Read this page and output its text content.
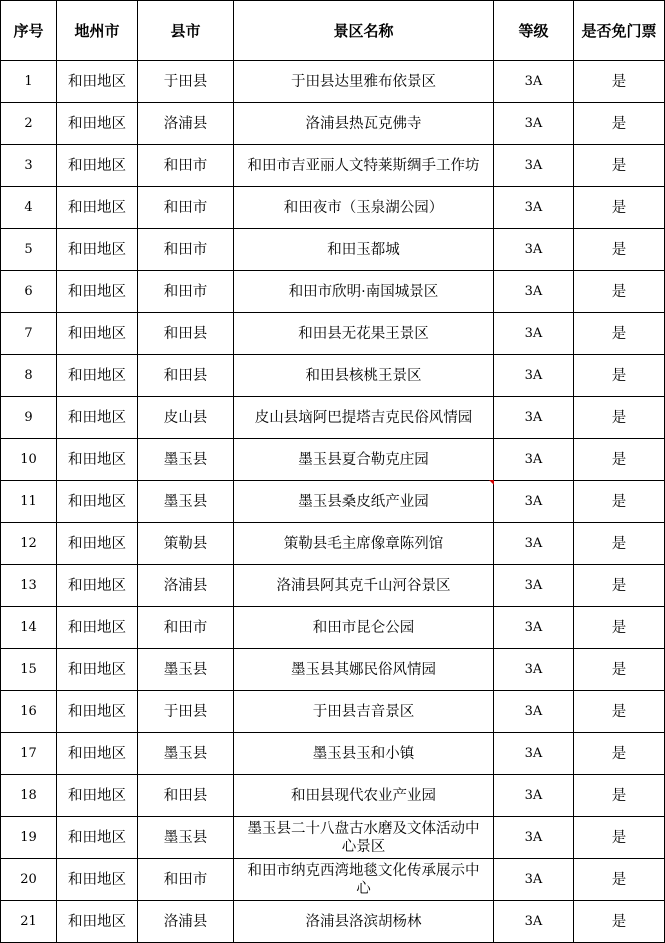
序号	地州市	县市	景区名称	等级	是否免门票
1	和田地区	于田县	于田县达里雅布依景区	3A	是
2	和田地区	洛浦县	洛浦县热瓦克佛寺	3A	是
3	和田地区	和田市	和田市吉亚丽人文特莱斯绸手工作坊	3A	是
4	和田地区	和田市	和田夜市（玉泉湖公园）	3A	是
5	和田地区	和田市	和田玉都城	3A	是
6	和田地区	和田市	和田市欣明·南国城景区	3A	是
7	和田地区	和田县	和田县无花果王景区	3A	是
8	和田地区	和田县	和田县核桃王景区	3A	是
9	和田地区	皮山县	皮山县垴阿巴提塔吉克民俗风情园	3A	是
10	和田地区	墨玉县	墨玉县夏合勒克庄园	3A	是
11	和田地区	墨玉县	墨玉县桑皮纸产业园	3A	是
12	和田地区	策勒县	策勒县毛主席像章陈列馆	3A	是
13	和田地区	洛浦县	洛浦县阿其克千山河谷景区	3A	是
14	和田地区	和田市	和田市昆仑公园	3A	是
15	和田地区	墨玉县	墨玉县其娜民俗风情园	3A	是
16	和田地区	于田县	于田县吉音景区	3A	是
17	和田地区	墨玉县	墨玉县玉和小镇	3A	是
18	和田地区	和田县	和田县现代农业产业园	3A	是
19	和田地区	墨玉县	墨玉县二十八盘古水磨及文体活动中心景区	3A	是
20	和田地区	和田市	和田市纳克西湾地毯文化传承展示中心	3A	是
21	和田地区	洛浦县	洛浦县洛滨胡杨林	3A	是
